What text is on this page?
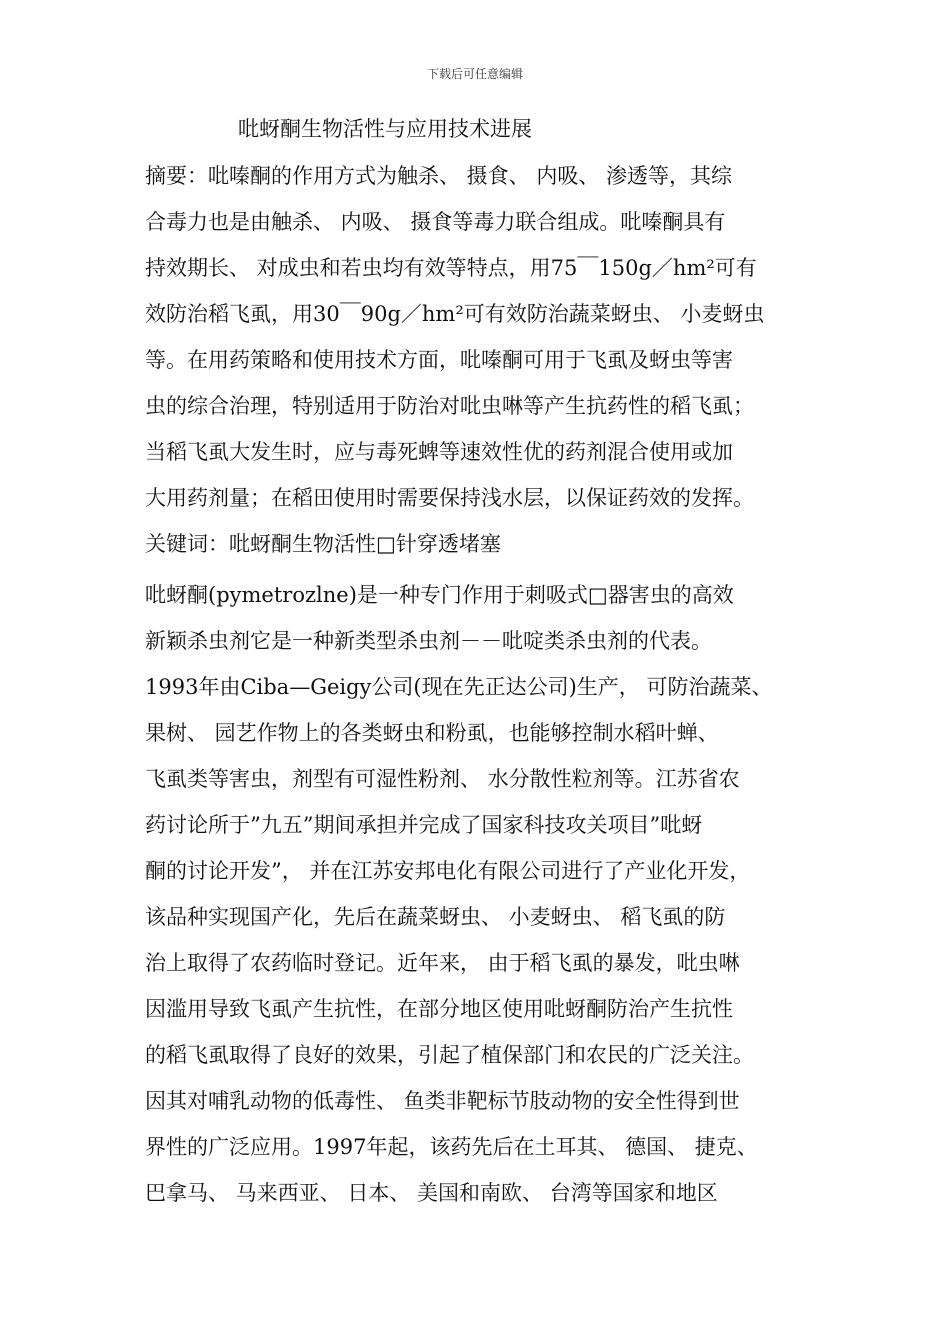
下载后可任意编辑
吡蚜酮生物活性与应用技术进展
摘要：吡嗪酮的作用方式为触杀、 摄食、 内吸、 渗透等，其综
合毒力也是由触杀、 内吸、 摄食等毒力联合组成。吡嗪酮具有
持效期长、 对成虫和若虫均有效等特点，用75￣150g／hm²可有
效防治稻飞虱，用30￣90g／hm²可有效防治蔬菜蚜虫、 小麦蚜虫
等。在用药策略和使用技术方面，吡嗪酮可用于飞虱及蚜虫等害
虫的综合治理，特别适用于防治对吡虫啉等产生抗药性的稻飞虱；
当稻飞虱大发生时，应与毒死蜱等速效性优的药剂混合使用或加
大用药剂量；在稻田使用时需要保持浅水层，以保证药效的发挥。
关键词：吡蚜酮生物活性□针穿透堵塞
吡蚜酮(pymetrozlne)是一种专门作用于刺吸式□器害虫的高效
新颖杀虫剂它是一种新类型杀虫剂－－吡啶类杀虫剂的代表。
1993年由Ciba—Geigy公司(现在先正达公司)生产， 可防治蔬菜、
果树、 园艺作物上的各类蚜虫和粉虱，也能够控制水稻叶蝉、
飞虱类等害虫，剂型有可湿性粉剂、 水分散性粒剂等。江苏省农
药讨论所于”九五”期间承担并完成了国家科技攻关项目”吡蚜
酮的讨论开发”， 并在江苏安邦电化有限公司进行了产业化开发，
该品种实现国产化，先后在蔬菜蚜虫、 小麦蚜虫、 稻飞虱的防
治上取得了农药临时登记。近年来， 由于稻飞虱的暴发，吡虫啉
因滥用导致飞虱产生抗性，在部分地区使用吡蚜酮防治产生抗性
的稻飞虱取得了良好的效果，引起了植保部门和农民的广泛关注。
因其对哺乳动物的低毒性、 鱼类非靶标节肢动物的安全性得到世
界性的广泛应用。1997年起，该药先后在土耳其、 德国、 捷克、
巴拿马、 马来西亚、 日本、 美国和南欧、 台湾等国家和地区
